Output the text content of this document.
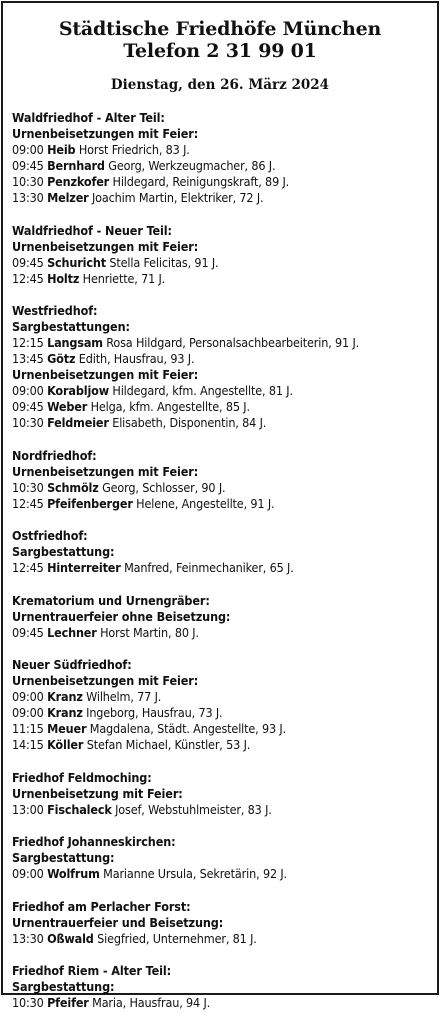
Städtische Friedhöfe München
Telefon 2 31 99 01
Dienstag, den 26. März 2024
Waldfriedhof - Alter Teil:
Urnenbeisetzungen mit Feier:
09:00 Heib Horst Friedrich, 83 J.
09:45 Bernhard Georg, Werkzeugmacher, 86 J.
10:30 Penzkofer Hildegard, Reinigungskraft, 89 J.
13:30 Melzer Joachim Martin, Elektriker, 72 J.
Waldfriedhof - Neuer Teil:
Urnenbeisetzungen mit Feier:
09:45 Schuricht Stella Felicitas, 91 J.
12:45 Holtz Henriette, 71 J.
Westfriedhof:
Sargbestattungen:
12:15 Langsam Rosa Hildgard, Personalsachbearbeiterin, 91 J.
13:45 Götz Edith, Hausfrau, 93 J.
Urnenbeisetzungen mit Feier:
09:00 Korabljow Hildegard, kfm. Angestellte, 81 J.
09:45 Weber Helga, kfm. Angestellte, 85 J.
10:30 Feldmeier Elisabeth, Disponentin, 84 J.
Nordfriedhof:
Urnenbeisetzungen mit Feier:
10:30 Schmölz Georg, Schlosser, 90 J.
12:45 Pfeifenberger Helene, Angestellte, 91 J.
Ostfriedhof:
Sargbestattung:
12:45 Hinterreiter Manfred, Feinmechaniker, 65 J.
Krematorium und Urnengräber:
Urnentrauerfeier ohne Beisetzung:
09:45 Lechner Horst Martin, 80 J.
Neuer Südfriedhof:
Urnenbeisetzungen mit Feier:
09:00 Kranz Wilhelm, 77 J.
09:00 Kranz Ingeborg, Hausfrau, 73 J.
11:15 Meuer Magdalena, Städt. Angestellte, 93 J.
14:15 Köller Stefan Michael, Künstler, 53 J.
Friedhof Feldmoching:
Urnenbeisetzung mit Feier:
13:00 Fischaleck Josef, Webstuhlmeister, 83 J.
Friedhof Johanneskirchen:
Sargbestattung:
09:00 Wolfrum Marianne Ursula, Sekretärin, 92 J.
Friedhof am Perlacher Forst:
Urnentrauerfeier und Beisetzung:
13:30 Oßwald Siegfried, Unternehmer, 81 J.
Friedhof Riem - Alter Teil:
Sargbestattung:
10:30 Pfeifer Maria, Hausfrau, 94 J.
